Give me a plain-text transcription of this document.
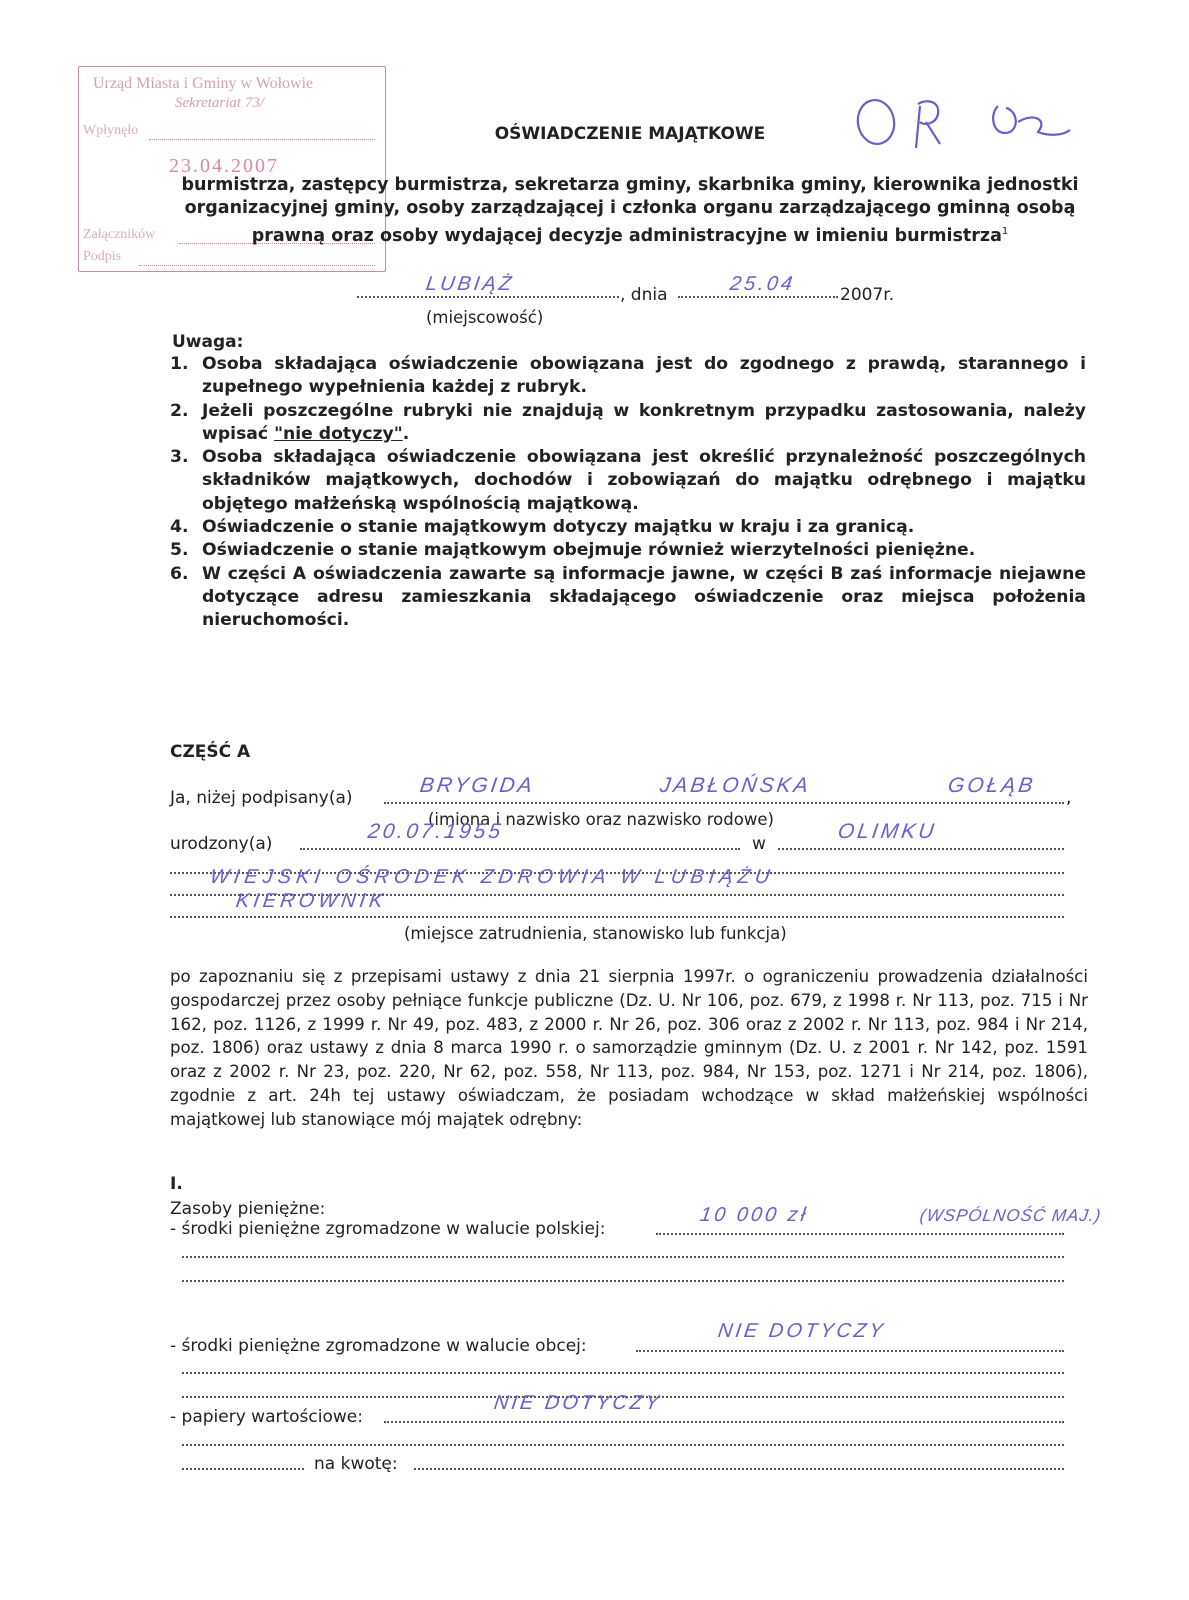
Urząd Miasta i Gminy w Wołowie
Sekretariat 73/
Wpłynęło
23.04.2007
Załączników
Podpis
OŚWIADCZENIE MAJĄTKOWE
burmistrza, zastępcy burmistrza, sekretarza gminy, skarbnika gminy, kierownika jednostki organizacyjnej gminy, osoby zarządzającej i członka organu zarządzającego gminną osobą prawną oraz osoby wydającej decyzje administracyjne w imieniu burmistrza$^1$
LUBIĄŻ	, dnia	25.04	2007r.
(miejscowość)
Uwaga:
1. Osoba składająca oświadczenie obowiązana jest do zgodnego z prawdą, starannego i zupełnego wypełnienia każdej z rubryk.
2. Jeżeli poszczególne rubryki nie znajdują w konkretnym przypadku zastosowania, należy wpisać "nie dotyczy".
3. Osoba składająca oświadczenie obowiązana jest określić przynależność poszczególnych składników majątkowych, dochodów i zobowiązań do majątku odrębnego i majątku objętego małżeńską wspólnością majątkową.
4. Oświadczenie o stanie majątkowym dotyczy majątku w kraju i za granicą.
5. Oświadczenie o stanie majątkowym obejmuje również wierzytelności pieniężne.
6. W części A oświadczenia zawarte są informacje jawne, w części B zaś informacje niejawne dotyczące adresu zamieszkania składającego oświadczenie oraz miejsca położenia nieruchomości.
CZĘŚĆ A
Ja, niżej podpisany(a)	,
BRYGIDA	JABŁOŃSKA	GOŁĄB
(imiona i nazwisko oraz nazwisko rodowe)
urodzony(a)
20.07.1955
w
OLIMKU
WIEJSKI OŚRODEK ZDROWIA W LUBIĄŻU
KIEROWNIK
(miejsce zatrudnienia, stanowisko lub funkcja)
po zapoznaniu się z przepisami ustawy z dnia 21 sierpnia 1997r. o ograniczeniu prowadzenia działalności gospodarczej przez osoby pełniące funkcje publiczne (Dz. U. Nr 106, poz. 679, z 1998 r. Nr 113, poz. 715 i Nr 162, poz. 1126, z 1999 r. Nr 49, poz. 483, z 2000 r. Nr 26, poz. 306 oraz z 2002 r. Nr 113, poz. 984 i Nr 214, poz. 1806) oraz ustawy z dnia 8 marca 1990 r. o samorządzie gminnym (Dz. U. z 2001 r. Nr 142, poz. 1591 oraz z 2002 r. Nr 23, poz. 220, Nr 62, poz. 558, Nr 113, poz. 984, Nr 153, poz. 1271 i Nr 214, poz. 1806), zgodnie z art. 24h tej ustawy oświadczam, że posiadam wchodzące w skład małżeńskiej wspólności majątkowej lub stanowiące mój majątek odrębny:
I.
Zasoby pieniężne:
- środki pieniężne zgromadzone w walucie polskiej:
10 000 zł	(WSPÓLNOŚĆ MAJ.)
- środki pieniężne zgromadzone w walucie obcej:
NIE DOTYCZY
- papiery wartościowe:
NIE DOTYCZY
na kwotę:
